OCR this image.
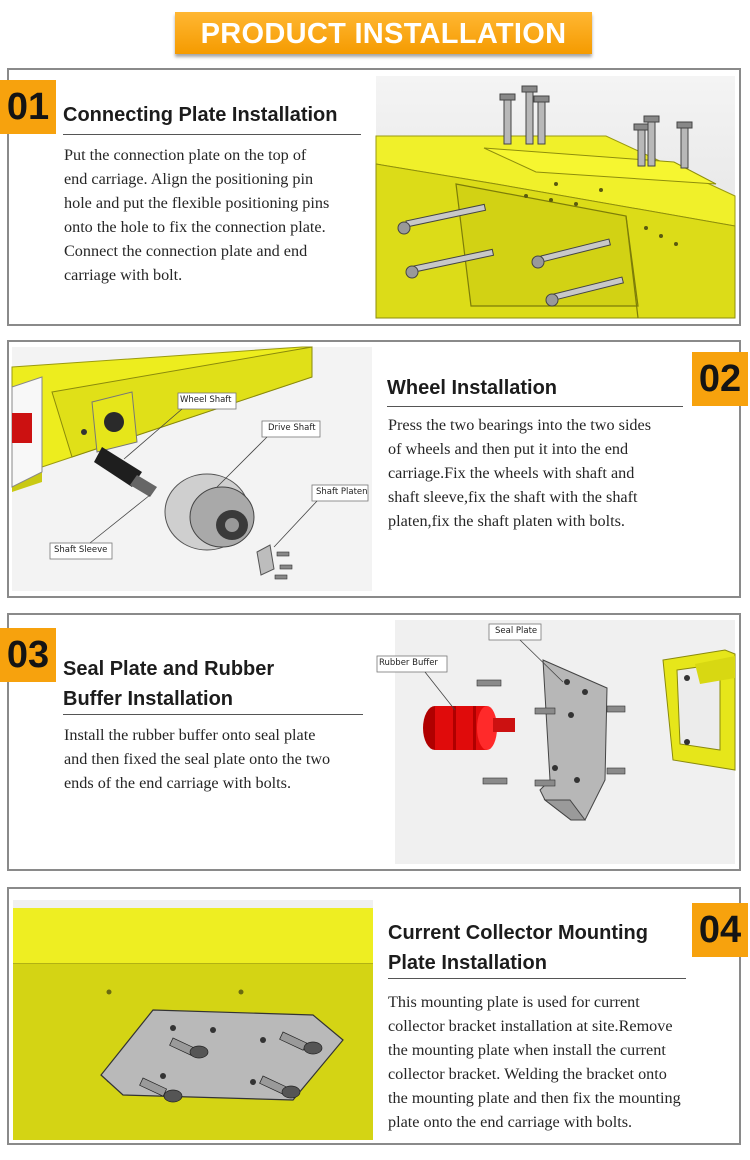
PRODUCT INSTALLATION
01 Connecting Plate Installation
Put the connection plate on the top of
end carriage. Align the positioning pin
hole and put the flexible positioning pins
onto the hole to fix the connection plate.
Connect the connection plate and end
carriage with bolt.
02
Wheel Installation
Press the two bearings into the two sides
of wheels and then put it into the end
carriage.Fix the wheels with shaft and
shaft sleeve,fix the shaft with the shaft
platen,fix the shaft platen with bolts.
Wheel Shaft
Drive Shaft
Shaft Platen
Shaft Sleeve
03 Seal Plate and Rubber
Buffer Installation
Install the rubber buffer onto seal plate
and then fixed the seal plate onto the two
ends of the end carriage with bolts.
Seal Plate
Rubber Buffer
04
Current Collector Mounting
Plate Installation
This mounting plate is used for current
collector bracket installation at site.Remove
the mounting plate when install the current
collector bracket. Welding the bracket onto
the mounting plate and then fix the mounting
plate onto the end carriage with bolts.
